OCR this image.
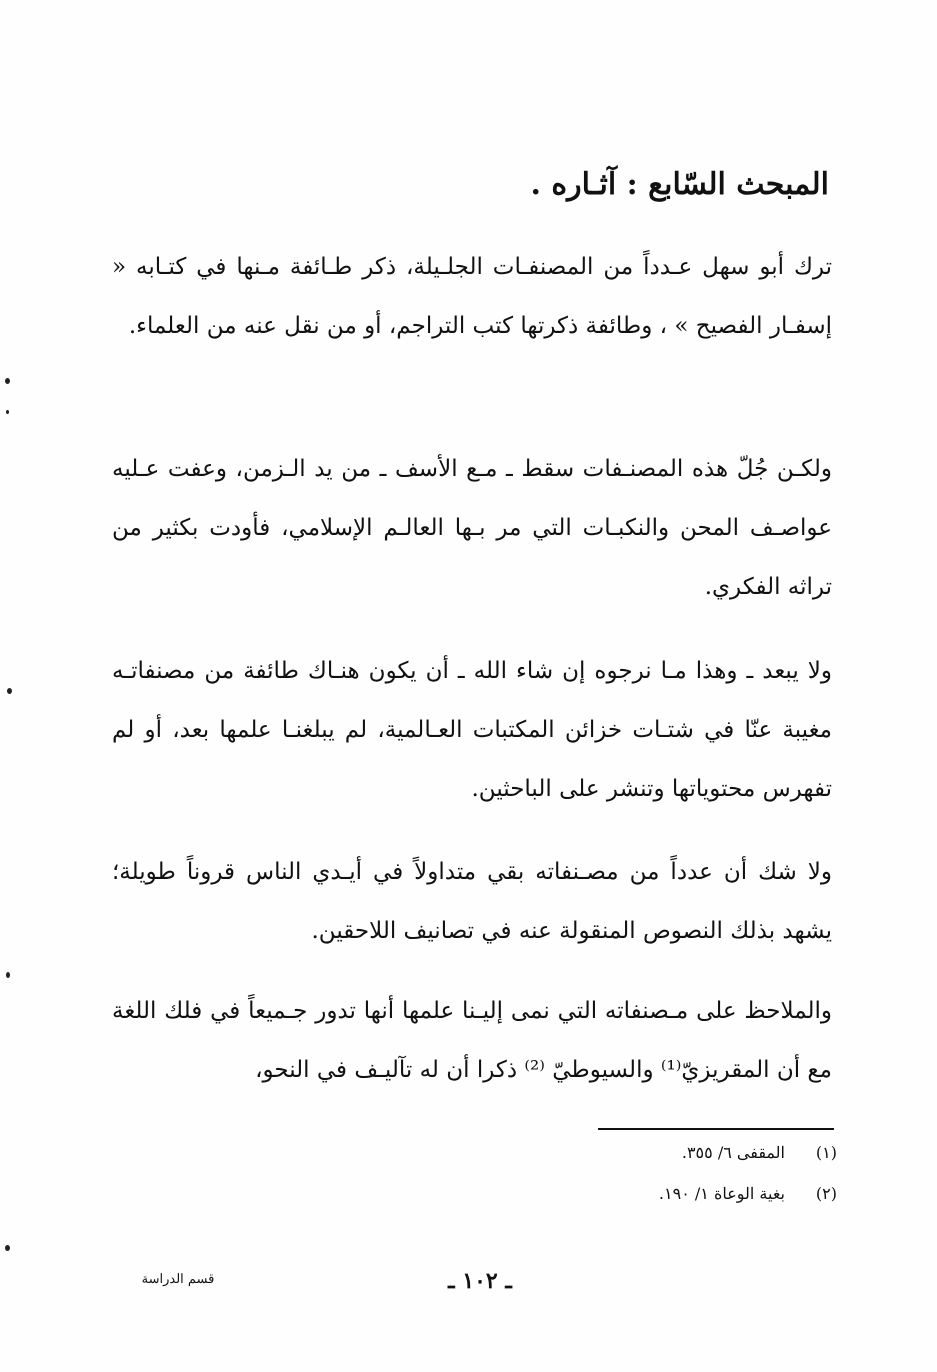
المبحث السّابع : آثـاره .
ترك أبو سهل عـدداً من المصنفـات الجلـيلة، ذكر طـائفة مـنها في كتـابه « إسفـار الفصيح » ، وطائفة ذكرتها كتب التراجم، أو من نقل عنه من العلماء.
ولكـن جُلّ هذه المصنـفات سقط ـ مـع الأسف ـ من يد الـزمن، وعفت عـليه عواصـف المحن والنكبـات التي مر بـها العالـم الإسلامي، فأودت بكثير من تراثه الفكري.
ولا يبعد ـ وهذا مـا نرجوه إن شاء الله ـ أن يكون هنـاك طائفة من مصنفاتـه مغيبة عنّا في شتـات خزائن المكتبات العـالمية، لم يبلغنـا علمها بعد، أو لم تفهرس محتوياتها وتنشر على الباحثين.
ولا شك أن عدداً من مصـنفاته بقي متداولاً في أيـدي الناس قروناً طويلة؛ يشهد بذلك النصوص المنقولة عنه في تصانيف اللاحقين.
والملاحظ على مـصنفاته التي نمى إليـنا علمها أنها تدور جـميعاً في فلك اللغة مع أن المقريزيّ⁽¹⁾ والسيوطيّ ⁽²⁾ ذكرا أن له تآليـف في النحو،
(١)المقفى ٦/ ٣٥٥.
(٢)بغية الوعاة ١/ ١٩٠.
ـ ١٠٢ ـ
قسم الدراسة
